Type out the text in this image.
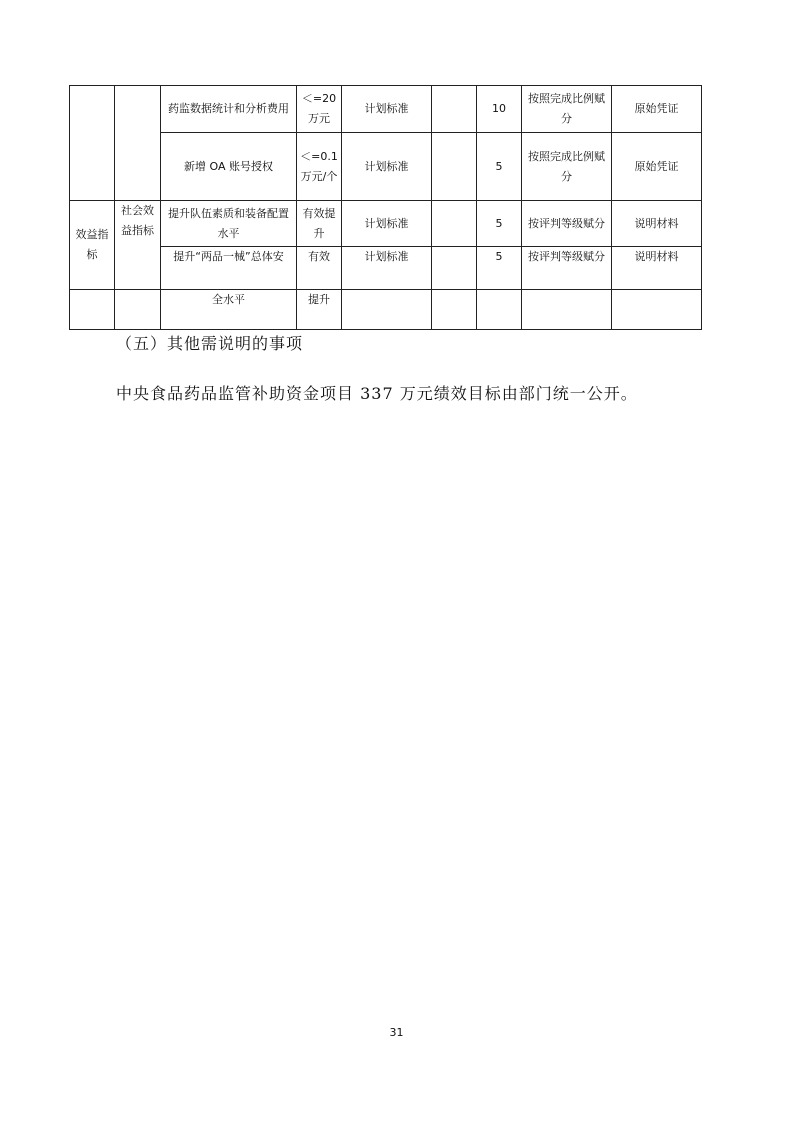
		药监数据统计和分析费用	＜=20 万元	计划标准		10	按照完成比例赋分	原始凭证
		新增 OA 账号授权	＜=0.1 万元/个	计划标准		5	按照完成比例赋分	原始凭证
效益指标	社会效益指标	提升队伍素质和装备配置水平	有效提升	计划标准		5	按评判等级赋分	说明材料
		提升“两品一械”总体安	有效	计划标准		5	按评判等级赋分	说明材料
		全水平	提升					

（五）其他需说明的事项

中央食品药品监管补助资金项目 337 万元绩效目标由部门统一公开。

31
